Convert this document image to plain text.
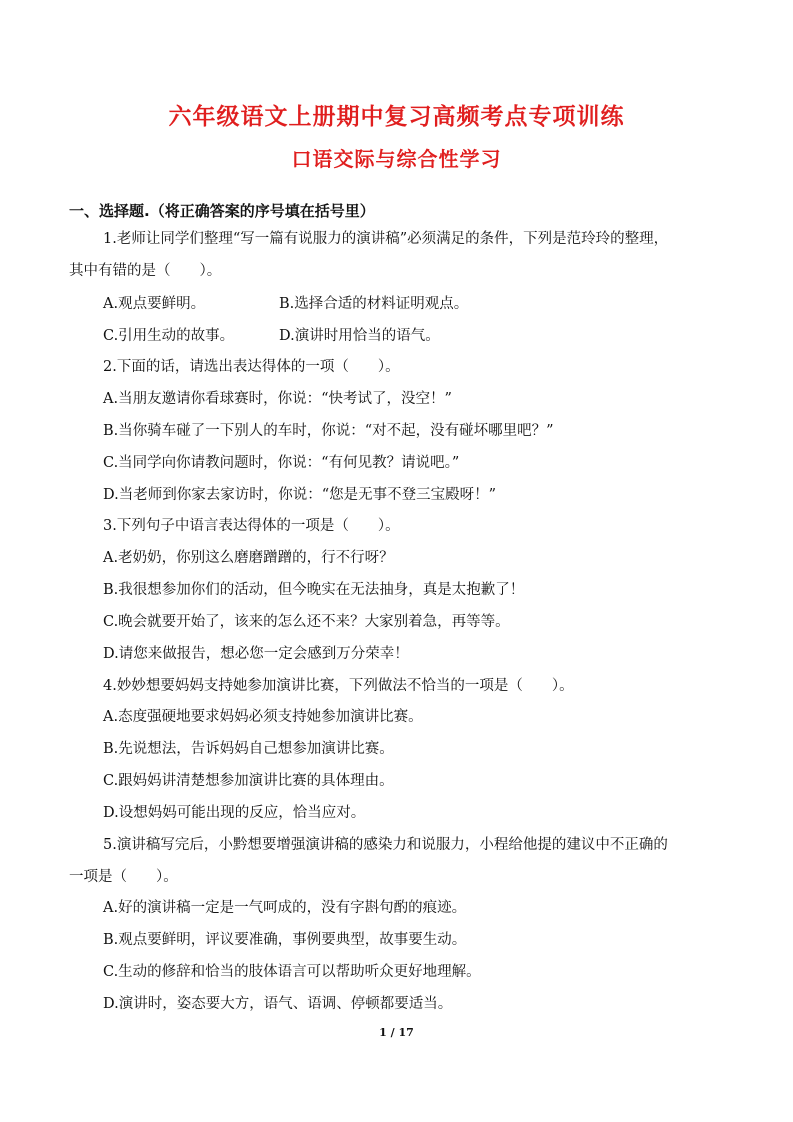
六年级语文上册期中复习高频考点专项训练
口语交际与综合性学习
一、选择题.（将正确答案的序号填在括号里）
1.老师让同学们整理“写一篇有说服力的演讲稿”必须满足的条件，下列是范玲玲的整理，
其中有错的是（　　）。
A.观点要鲜明。	B.选择合适的材料证明观点。
C.引用生动的故事。	D.演讲时用恰当的语气。
2.下面的话，请选出表达得体的一项（　　）。
A.当朋友邀请你看球赛时，你说：“快考试了，没空！”
B.当你骑车碰了一下别人的车时，你说：“对不起，没有碰坏哪里吧？”
C.当同学向你请教问题时，你说：“有何见教？请说吧。”
D.当老师到你家去家访时，你说：“您是无事不登三宝殿呀！”
3.下列句子中语言表达得体的一项是（　　）。
A.老奶奶，你别这么磨磨蹭蹭的，行不行呀？
B.我很想参加你们的活动，但今晚实在无法抽身，真是太抱歉了！
C.晚会就要开始了，该来的怎么还不来？大家别着急，再等等。
D.请您来做报告，想必您一定会感到万分荣幸！
4.妙妙想要妈妈支持她参加演讲比赛，下列做法不恰当的一项是（　　）。
A.态度强硬地要求妈妈必须支持她参加演讲比赛。
B.先说想法，告诉妈妈自己想参加演讲比赛。
C.跟妈妈讲清楚想参加演讲比赛的具体理由。
D.设想妈妈可能出现的反应，恰当应对。
5.演讲稿写完后，小黔想要增强演讲稿的感染力和说服力，小程给他提的建议中不正确的
一项是（　　）。
A.好的演讲稿一定是一气呵成的，没有字斟句酌的痕迹。
B.观点要鲜明，评议要准确，事例要典型，故事要生动。
C.生动的修辞和恰当的肢体语言可以帮助听众更好地理解。
D.演讲时，姿态要大方，语气、语调、停顿都要适当。
1 / 17
